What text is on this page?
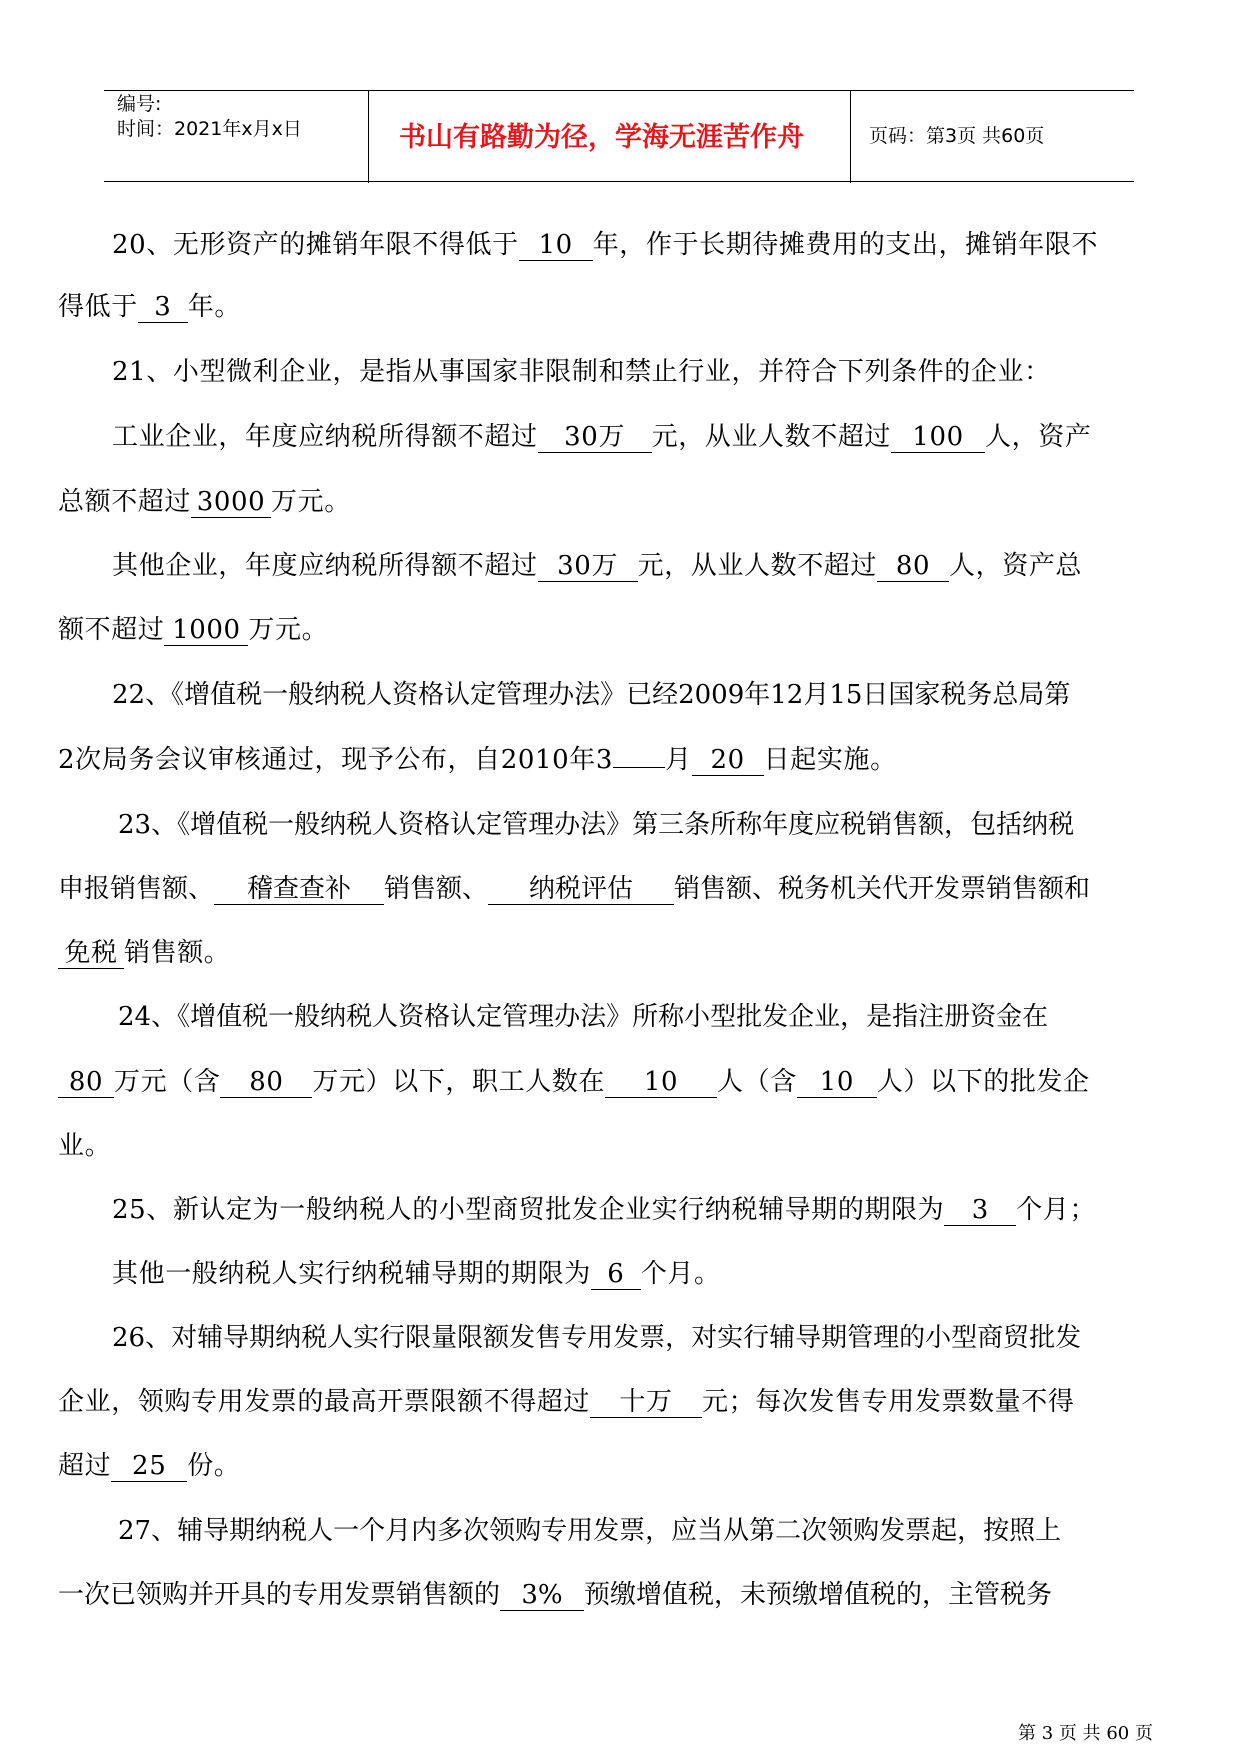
编号:
时间：2021年x月x日	书山有路勤为径，学海无涯苦作舟	页码：第3页 共60页
20、无形资产的摊销年限不得低于 10 年，作于长期待摊费用的支出，摊销年限不
得低于 3 年。
21、小型微利企业，是指从事国家非限制和禁止行业，并符合下列条件的企业：
工业企业，年度应纳税所得额不超过 30万 元，从业人数不超过 100 人，资产
总额不超过 3000 万元。
其他企业，年度应纳税所得额不超过 30万 元，从业人数不超过 80 人，资产总
额不超过 1000 万元。
22、《增值税一般纳税人资格认定管理办法》已经2009年12月15日国家税务总局第
2次局务会议审核通过，现予公布，自2010年3 月 20 日起实施。
23、《增值税一般纳税人资格认定管理办法》第三条所称年度应税销售额，包括纳税
申报销售额、 稽查查补 销售额、 纳税评估 销售额、税务机关代开发票销售额和
免税 销售额。
24、《增值税一般纳税人资格认定管理办法》所称小型批发企业，是指注册资金在
80 万元（含 80 万元）以下，职工人数在 10 人（含 10 人）以下的批发企
业。
25、新认定为一般纳税人的小型商贸批发企业实行纳税辅导期的期限为 3 个月；
其他一般纳税人实行纳税辅导期的期限为 6 个月。
26、对辅导期纳税人实行限量限额发售专用发票，对实行辅导期管理的小型商贸批发
企业，领购专用发票的最高开票限额不得超过 十万 元；每次发售专用发票数量不得
超过 25 份。
27、辅导期纳税人一个月内多次领购专用发票，应当从第二次领购发票起，按照上
一次已领购并开具的专用发票销售额的 3% 预缴增值税，未预缴增值税的，主管税务
第 3 页 共 60 页
